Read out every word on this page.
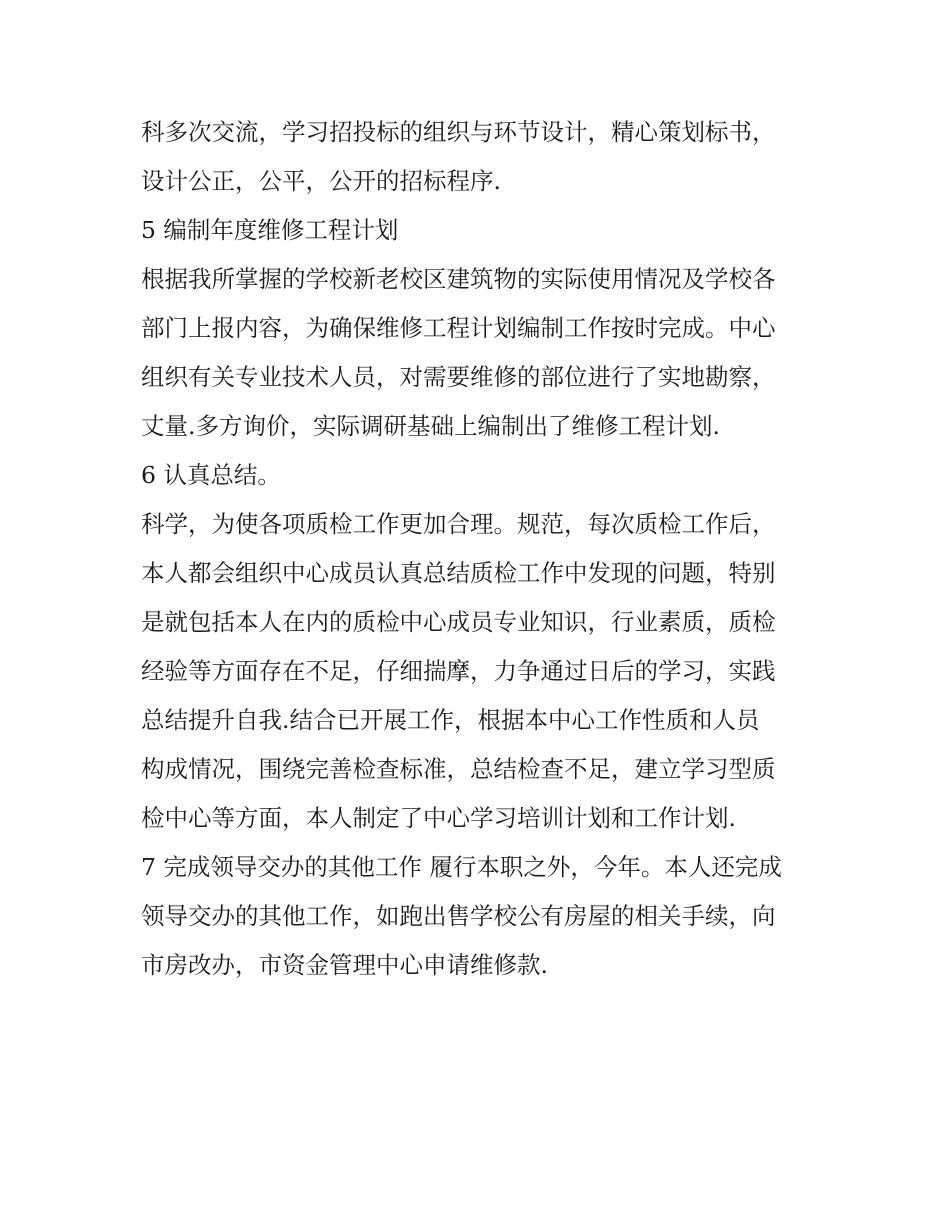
科多次交流，学习招投标的组织与环节设计，精心策划标书，
设计公正，公平，公开的招标程序.
5 编制年度维修工程计划
根据我所掌握的学校新老校区建筑物的实际使用情况及学校各
部门上报内容，为确保维修工程计划编制工作按时完成。中心
组织有关专业技术人员，对需要维修的部位进行了实地勘察，
丈量.多方询价，实际调研基础上编制出了维修工程计划.
6 认真总结。
科学，为使各项质检工作更加合理。规范，每次质检工作后，
本人都会组织中心成员认真总结质检工作中发现的问题，特别
是就包括本人在内的质检中心成员专业知识，行业素质，质检
经验等方面存在不足，仔细揣摩，力争通过日后的学习，实践
总结提升自我.结合已开展工作，根据本中心工作性质和人员
构成情况，围绕完善检查标准，总结检查不足，建立学习型质
检中心等方面，本人制定了中心学习培训计划和工作计划.
7 完成领导交办的其他工作 履行本职之外，今年。本人还完成
领导交办的其他工作，如跑出售学校公有房屋的相关手续，向
市房改办，市资金管理中心申请维修款.
